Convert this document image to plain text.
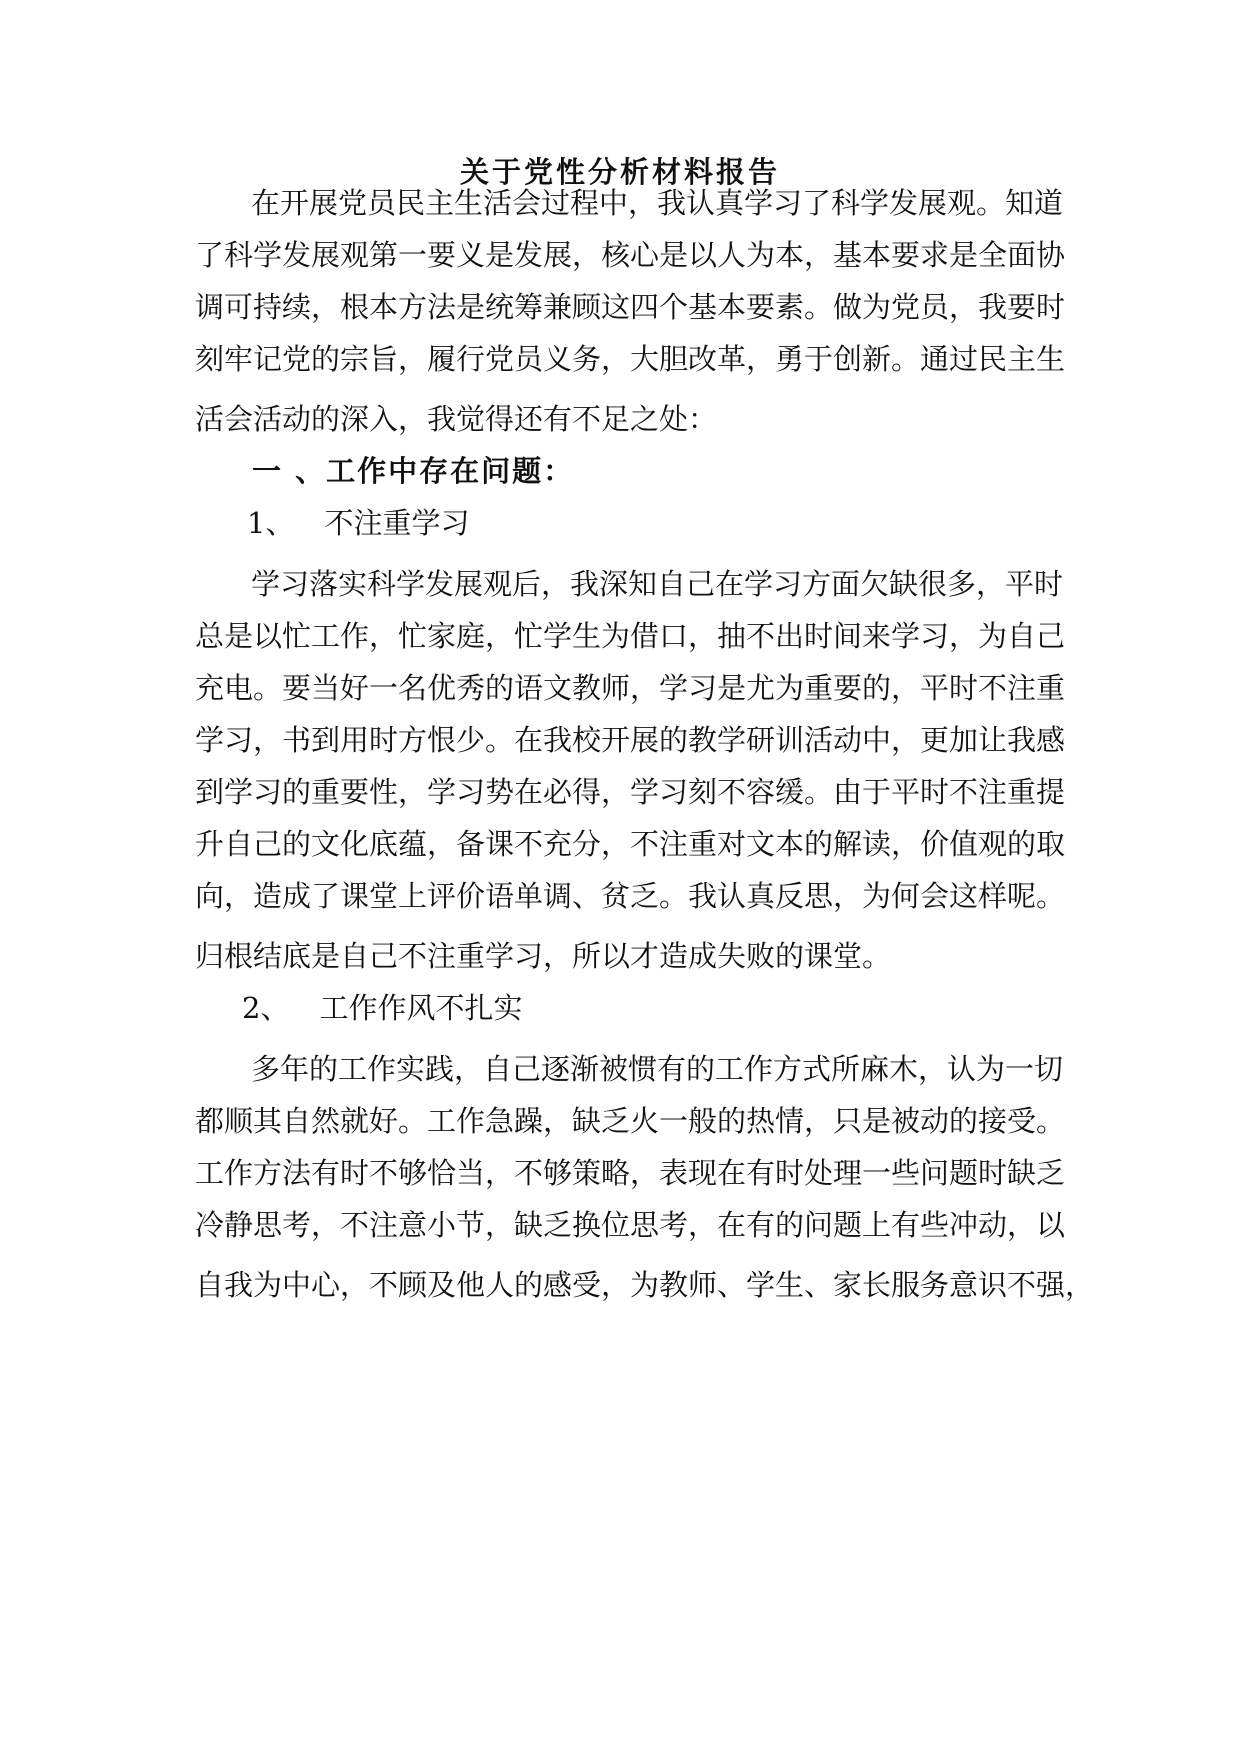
关于党性分析材料报告
在开展党员民主生活会过程中，我认真学习了科学发展观。知道
了科学发展观第一要义是发展，核心是以人为本，基本要求是全面协
调可持续，根本方法是统筹兼顾这四个基本要素。做为党员，我要时
刻牢记党的宗旨，履行党员义务，大胆改革，勇于创新。通过民主生
活会活动的深入，我觉得还有不足之处：
一 、工作中存在问题：
1、 不注重学习
学习落实科学发展观后，我深知自己在学习方面欠缺很多，平时
总是以忙工作，忙家庭，忙学生为借口，抽不出时间来学习，为自己
充电。要当好一名优秀的语文教师，学习是尤为重要的，平时不注重
学习，书到用时方恨少。在我校开展的教学研训活动中，更加让我感
到学习的重要性，学习势在必得，学习刻不容缓。由于平时不注重提
升自己的文化底蕴，备课不充分，不注重对文本的解读，价值观的取
向，造成了课堂上评价语单调、贫乏。我认真反思，为何会这样呢。
归根结底是自己不注重学习，所以才造成失败的课堂。
2、 工作作风不扎实
多年的工作实践，自己逐渐被惯有的工作方式所麻木，认为一切
都顺其自然就好。工作急躁，缺乏火一般的热情，只是被动的接受。
工作方法有时不够恰当，不够策略，表现在有时处理一些问题时缺乏
冷静思考，不注意小节，缺乏换位思考，在有的问题上有些冲动，以
自我为中心，不顾及他人的感受，为教师、学生、家长服务意识不强，
